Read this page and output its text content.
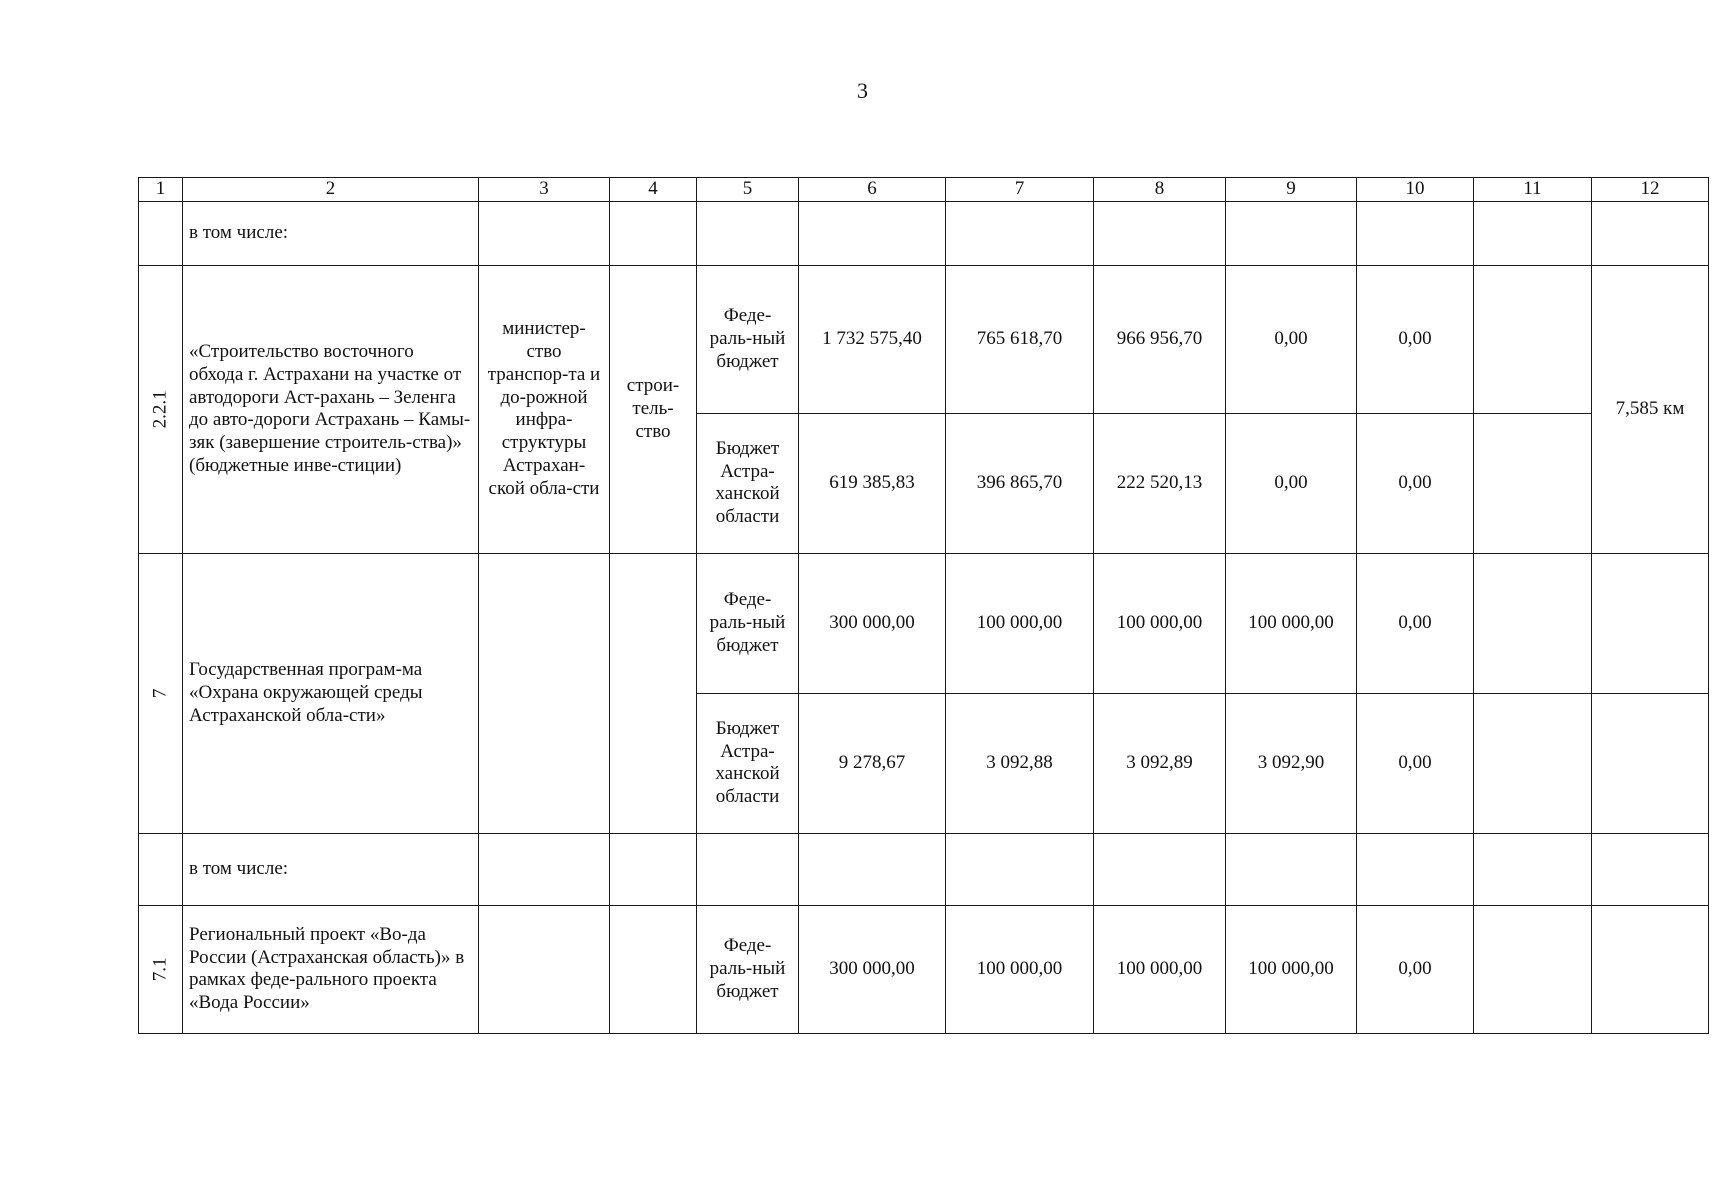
3
1	2	3	4	5	6	7	8	9	10	11	12
	в том числе:										
2.2.1	«Строительство восточного обхода г. Астрахани на участке от автодороги Аст-рахань – Зеленга до авто-дороги Астрахань – Камы-зяк (завершение строитель-ства)» (бюджетные инве-стиции)	министер-ство транспор-та и до-рожной инфра-структуры Астрахан-ской обла-сти	строи-тель-ство	Феде-раль-ный бюджет	1 732 575,40	765 618,70	966 956,70	0,00	0,00		7,585 км
				Бюджет Астра-ханской области	619 385,83	396 865,70	222 520,13	0,00	0,00		
7	Государственная програм-ма «Охрана окружающей среды Астраханской обла-сти»			Феде-раль-ный бюджет	300 000,00	100 000,00	100 000,00	100 000,00	0,00		
				Бюджет Астра-ханской области	9 278,67	3 092,88	3 092,89	3 092,90	0,00		
	в том числе:										
7.1	Региональный проект «Во-да России (Астраханская область)» в рамках феде-рального проекта «Вода России»			Феде-раль-ный бюджет	300 000,00	100 000,00	100 000,00	100 000,00	0,00		
